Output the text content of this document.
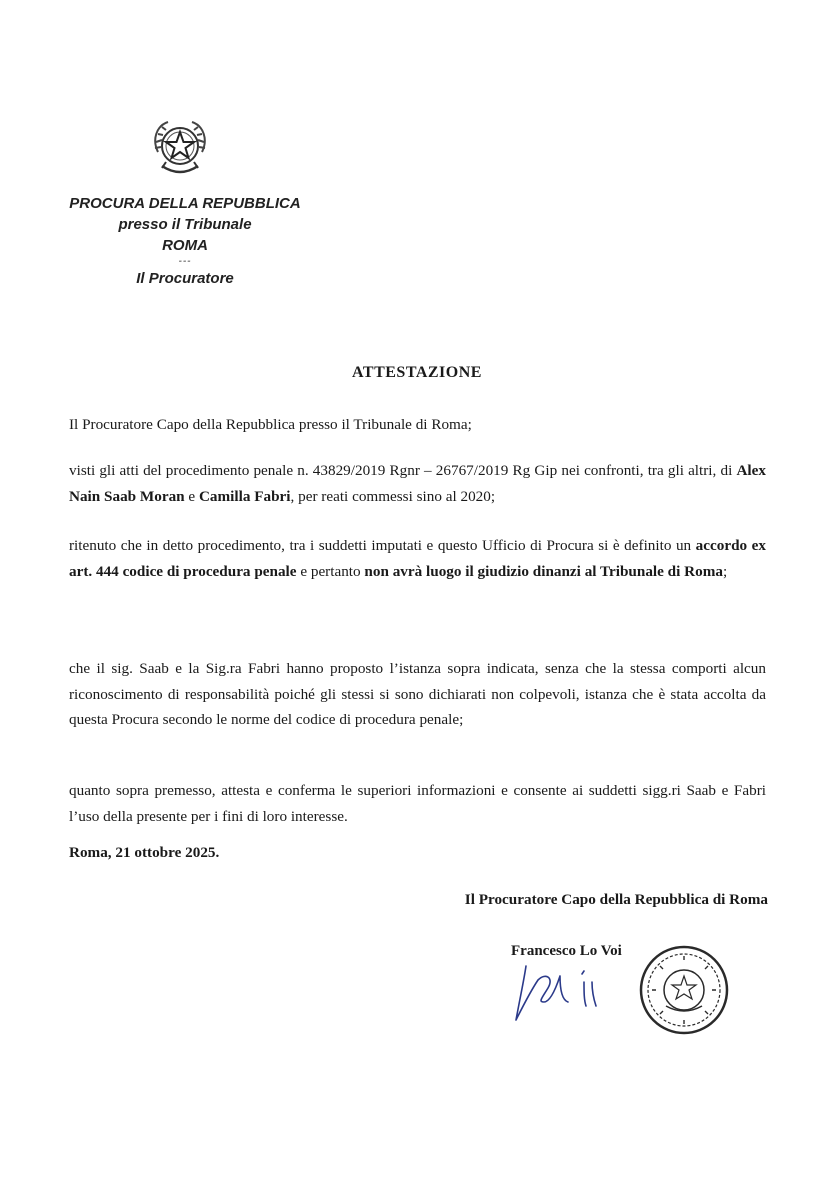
PROCURA DELLA REPUBBLICA
presso il Tribunale
ROMA
---
Il Procuratore
ATTESTAZIONE
Il Procuratore Capo della Repubblica presso il Tribunale di Roma;
visti gli atti del procedimento penale n. 43829/2019 Rgnr – 26767/2019 Rg Gip nei confronti, tra gli altri, di Alex Nain Saab Moran e Camilla Fabri, per reati commessi sino al 2020;
ritenuto che in detto procedimento, tra i suddetti imputati e questo Ufficio di Procura si è definito un accordo ex art. 444 codice di procedura penale e pertanto non avrà luogo il giudizio dinanzi al Tribunale di Roma;
che il sig. Saab e la Sig.ra Fabri hanno proposto l’istanza sopra indicata, senza che la stessa comporti alcun riconoscimento di responsabilità poiché gli stessi si sono dichiarati non colpevoli, istanza che è stata accolta da questa Procura secondo le norme del codice di procedura penale;
quanto sopra premesso, attesta e conferma le superiori informazioni e consente ai suddetti sigg.ri Saab e Fabri l’uso della presente per i fini di loro interesse.
Roma, 21 ottobre 2025.
Il Procuratore Capo della Repubblica di Roma
Francesco Lo Voi
